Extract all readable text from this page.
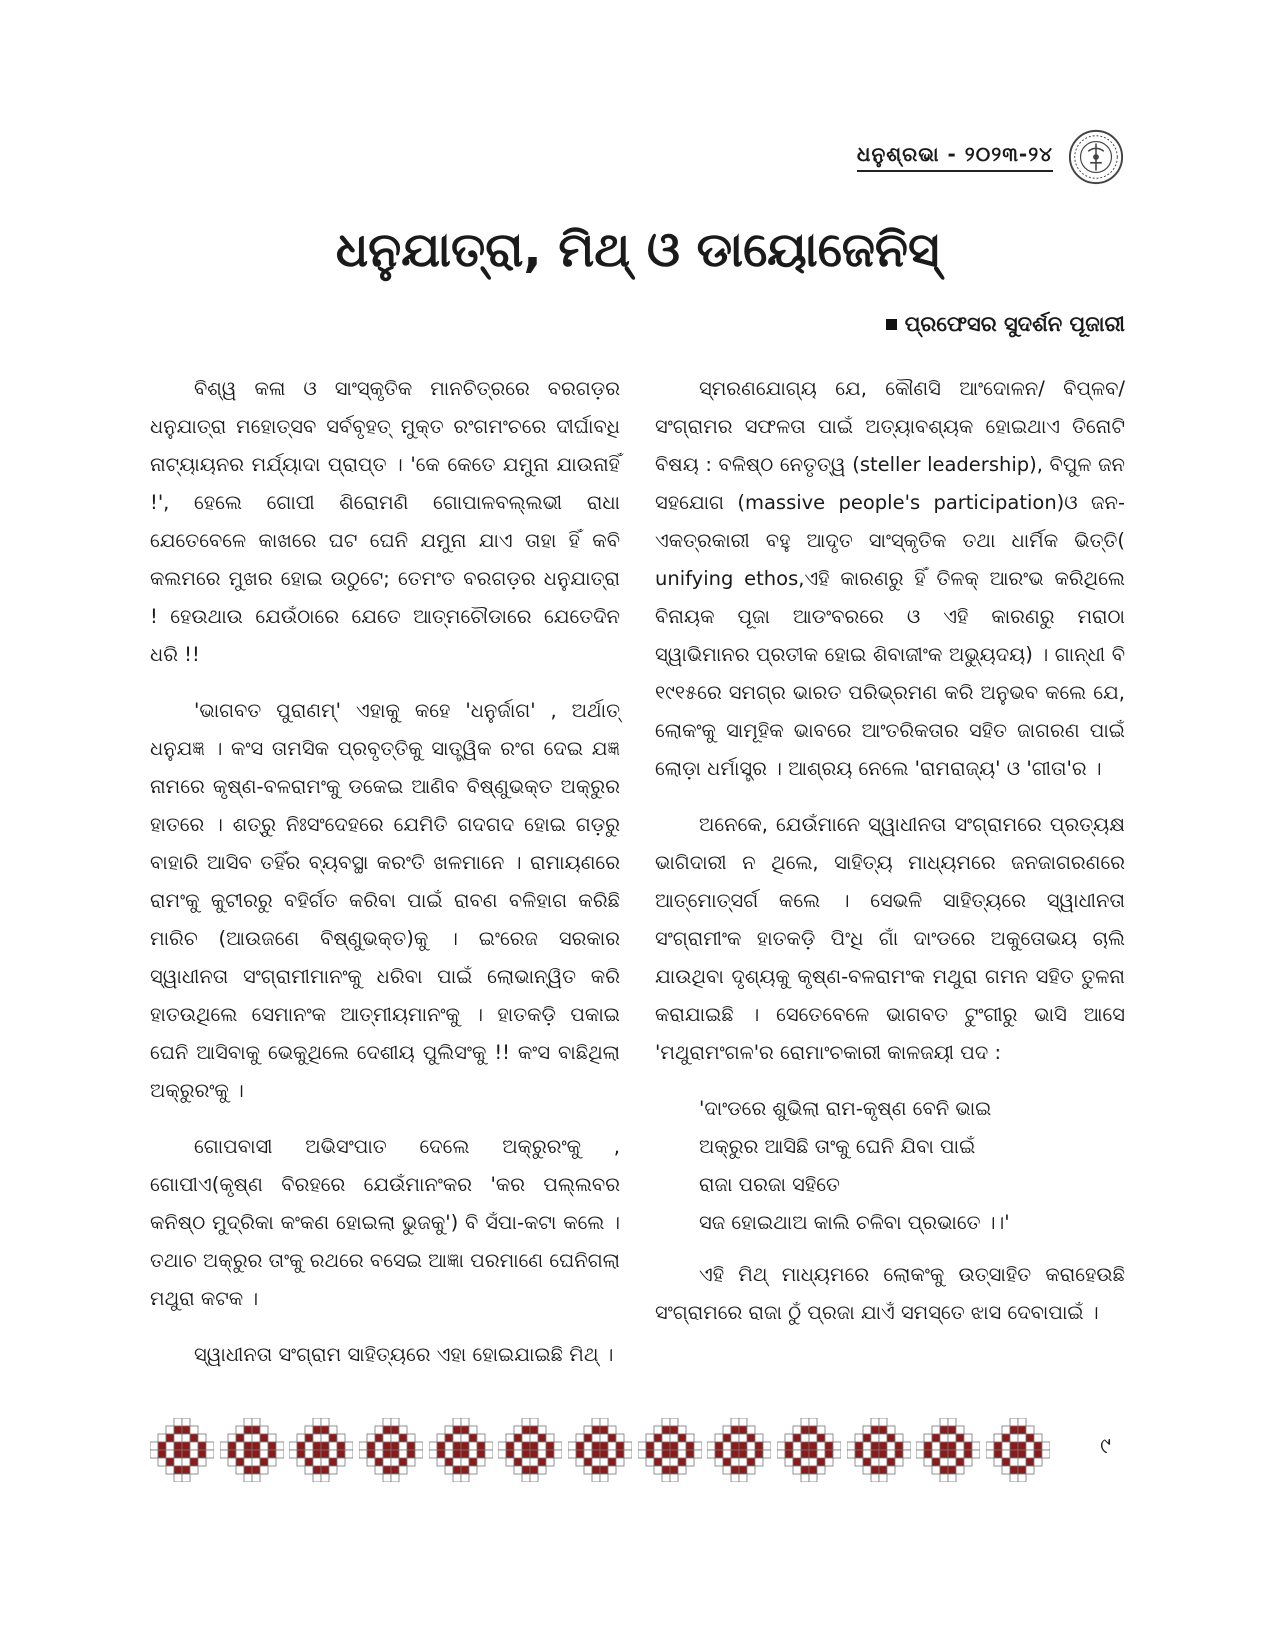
ଧନୁଶ୍ରଭା - ୨୦୨୩-୨୪
ଧନୁଯାତ୍ରା, ମିଥ୍ ଓ ଡାୟୋଜେନିସ୍
ପ୍ରଫେସର ସୁଦର୍ଶନ ପୂଜାରୀ

ବିଶ୍ୱ କଳା ଓ ସାଂସ୍କୃତିକ ମାନଚିତ୍ରରେ ବରଗଡ଼ର ଧନୁଯାତ୍ରା ମହୋତ୍ସବ ସର୍ବବୃହତ୍ ମୁକ୍ତ ରଂଗମଂଚରେ ଦୀର୍ଘାବଧି ନାଟ୍ୟାୟନର ମର୍ଯ୍ୟାଦା ପ୍ରାପ୍ତ । 'କେ କେତେ ଯମୁନା ଯାଉନାହିଁ !', ହେଲେ ଗୋପୀ ଶିରୋମଣି ଗୋପାଳବଲ୍ଲଭୀ ରାଧା ଯେତେବେଳେ କାଖରେ ଘଟ ଘେନି ଯମୁନା ଯାଏ ତାହା ହିଁ କବି କଲମରେ ମୁଖର ହୋଇ ଉଠୁଟେ; ତେମଂତ ବରଗଡ଼ର ଧନୁଯାତ୍ରା ! ହେଉଥାଉ ଯେଉଁଠାରେ ଯେତେ ଆତ୍ମଚୌଡାରେ ଯେତେଦିନ ଧରି !!

'ଭାଗବତ ପୁରାଣମ୍' ଏହାକୁ କହେ 'ଧନୁର୍ଜାଗ' , ଅର୍ଥାତ୍ ଧନୁଯଜ୍ଞ । କଂସ ତାମସିକ ପ୍ରବୃତ୍ତିକୁ ସାତ୍ତ୍ୱିକ ରଂଗ ଦେଇ ଯଜ୍ଞ ନାମରେ କୃଷ୍ଣ-ବଳରାମଂକୁ ଡକେଇ ଆଣିବ ବିଷ୍ଣୁଭକ୍ତ ଅକ୍ରୁର ହାତରେ । ଶତ୍ରୁ ନିଃସଂଦେହରେ ଯେମିତି ଗଦଗଦ ହୋଇ ଗଡ଼ରୁ ବାହାରି ଆସିବ ତହିଁର ବ୍ୟବସ୍ଥା କରଂତି ଖଳମାନେ । ରାମାୟଣରେ ରାମଂକୁ କୁଟୀରରୁ ବହିର୍ଗତ କରିବା ପାଇଁ ରାବଣ ବଳିହାଗ କରିଛି ମାରିଚ (ଆଉଜଣେ ବିଷ୍ଣୁଭକ୍ତ)କୁ । ଇଂରେଜ ସରକାର ସ୍ୱାଧୀନତା ସଂଗ୍ରାମୀମାନଂକୁ ଧରିବା ପାଇଁ ଲୋଭାନ୍ୱିତ କରି ହାତଉଥିଲେ ସେମାନଂକ ଆତ୍ମୀୟମାନଂକୁ । ହାତକଡ଼ି ପକାଇ ଘେନି ଆସିବାକୁ ଭେକୁଥିଲେ ଦେଶୀୟ ପୁଲିସଂକୁ !! କଂସ ବାଛିଥିଲା ଅକ୍ରୁରଂକୁ ।

ଗୋପବାସୀ ଅଭିସଂପାତ ଦେଲେ ଅକ୍ରୁରଂକୁ , ଗୋପୀଏ(କୃଷ୍ଣ ବିରହରେ ଯେଉଁମାନଂକର 'କର ପଲ୍ଲବର କନିଷ୍ଠ ମୁଦ୍ରିକା କଂକଣ ହୋଇଲା ଭୁଜକୁ') ବି ସଁପା-କଟା କଲେ । ତଥାଚ ଅକ୍ରୁର ତାଂକୁ ରଥରେ ବସେଇ ଆଜ୍ଞା ପରମାଣେ ଘେନିଗଲା ମଥୁରା କଟକ ।

ସ୍ୱାଧୀନତା ସଂଗ୍ରାମ ସାହିତ୍ୟରେ ଏହା ହୋଇଯାଇଛି ମିଥ୍ ।

ସ୍ମରଣଯୋଗ୍ୟ ଯେ, କୌଣସି ଆଂଦୋଳନ/ ବିପ୍ଳବ/ ସଂଗ୍ରାମର ସଫଳତା ପାଇଁ ଅତ୍ୟାବଶ୍ୟକ ହୋଇଥାଏ ତିନୋଟି ବିଷୟ : ବଳିଷ୍ଠ ନେତୃତ୍ୱ (steller leadership), ବିପୁଳ ଜନ ସହଯୋଗ (massive people's participation)ଓ ଜନ-ଏକତ୍ରକାରୀ ବହୁ ଆଦୃତ ସାଂସ୍କୃତିକ ତଥା ଧାର୍ମିକ ଭିତ୍ତି( unifying ethos,ଏହି କାରଣରୁ ହିଁ ତିଳକ୍ ଆରଂଭ କରିଥିଲେ ବିନାୟକ ପୂଜା ଆଡଂବରରେ ଓ ଏହି କାରଣରୁ ମରାଠା ସ୍ୱାଭିମାନର ପ୍ରତୀକ ହୋଇ ଶିବାଜୀଂକ ଅଭ୍ୟୁଦୟ) । ଗାନ୍ଧୀ ବି ୧୯୧୫ରେ ସମଗ୍ର ଭାରତ ପରିଭ୍ରମଣ କରି ଅନୁଭବ କଲେ ଯେ, ଲୋକଂକୁ ସାମୂହିକ ଭାବରେ ଆଂତରିକତାର ସହିତ ଜାଗରଣ ପାଇଁ ଲୋଡ଼ା ଧର୍ମାସ୍ତ୍ର । ଆଶ୍ରୟ ନେଲେ 'ରାମରାଜ୍ୟ' ଓ 'ଗୀତା'ର ।

ଅନେକେ, ଯେଉଁମାନେ ସ୍ୱାଧୀନତା ସଂଗ୍ରାମରେ ପ୍ରତ୍ୟକ୍ଷ ଭାଗିଦାରୀ ନ ଥିଲେ, ସାହିତ୍ୟ ମାଧ୍ୟମରେ ଜନଜାଗରଣରେ ଆତ୍ମୋତ୍ସର୍ଗ କଲେ । ସେଭଳି ସାହିତ୍ୟରେ ସ୍ୱାଧୀନତା ସଂଗ୍ରାମୀଂକ ହାତକଡ଼ି ପିଂଧି ଗାଁ ଦାଂଡରେ ଅକୁତୋଭୟ ଚାଲି ଯାଉଥିବା ଦୃଶ୍ୟକୁ କୃଷ୍ଣ-ବଳରାମଂକ ମଥୁରା ଗମନ ସହିତ ତୁଳନା କରାଯାଇଛି । ସେତେବେଳେ ଭାଗବତ ଟୁଂଗୀରୁ ଭାସି ଆସେ 'ମଥୁରାମଂଗଳ'ର ରୋମାଂଚକାରୀ କାଳଜୟୀ ପଦ :

'ଦାଂଡରେ ଶୁଭିଲା ରାମ-କୃଷ୍ଣ ବେନି ଭାଇ
ଅକ୍ରୁର ଆସିଛି ତାଂକୁ ଘେନି ଯିବା ପାଇଁ
ରାଜା ପରଜା ସହିତେ
ସଜ ହୋଇଥାଅ କାଲି ଚଳିବା ପ୍ରଭାତେ ।।'

ଏହି ମିଥ୍ ମାଧ୍ୟମରେ ଲୋକଂକୁ ଉତ୍ସାହିତ କରାହେଉଛି ସଂଗ୍ରାମରେ ରାଜା ଠୁଁ ପ୍ରଜା ଯାଏଁ ସମସ୍ତେ ଝାସ ଦେବାପାଇଁ ।

୯
